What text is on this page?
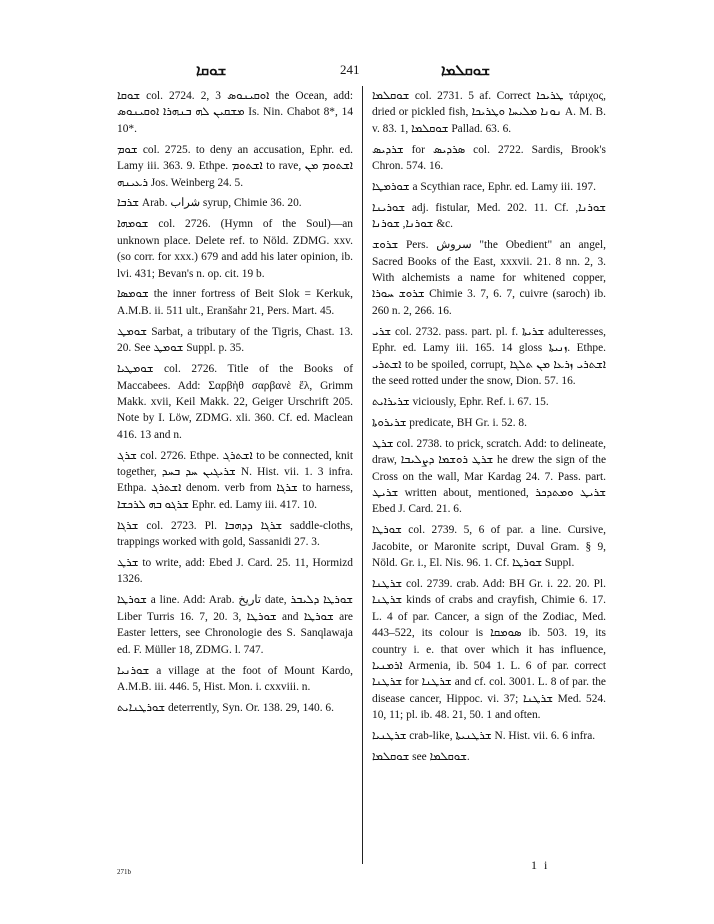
ܫܘܩܐ	241	ܫܘܩܠܡܐ

ܫܘܩܐ col. 2724. 2, 3 ܐܘܩܝܢܘܣ the Ocean, add: ܡܫܩܝܢ ܠܗ ܒܢܗܪܐ ܐܘܩܝܢܘܣ Is. Nin. Chabot 8*, 14 10*.

ܫܘܡ col. 2725. to deny an accusation, Ephr. ed. Lamy iii. 363. 9. Ethpe. ܐܫܬܘܡ to rave, ܐܫܬܘܡ ܡܢ ܪܥܝܢܗ Jos. Weinberg 24. 5.

ܫܪܒܐ Arab. شراب syrup, Chimie 36. 20.

ܫܘܡܗܐ col. 2726. (Hymn of the Soul)—an unknown place. Delete ref. to Nöld. ZDMG. xxv. (so corr. for xxx.) 679 and add his later opinion, ib. lvi. 431; Bevan's n. op. cit. 19 b.

ܫܘܡܣܐ the inner fortress of Beit Slok = Kerkuk, A.M.B. ii. 511 ult., Eranšahr 21, Pers. Mart. 45.

ܫܘܡܛ Sarbat, a tributary of the Tigris, Chast. 13. 20. See ܫܘܡܛ Suppl. p. 35.

ܫܘܡܛܝܐ col. 2726. Title of the Books of Maccabees. Add: Σαρβὴθ σαρβανὲ ἔλ, Grimm Makk. xvii, Keil Makk. 22, Geiger Urschrift 205. Note by I. Löw, ZDMG. xli. 360. Cf. ed. Maclean 416. 13 and n.

ܫܪܓ col. 2726. Ethpe. ܐܫܬܪܓ to be connected, knit together, ܫܪܝܓܝܢ ܚܕ ܒܚܕ N. Hist. vii. 1. 3 infra. Ethpa. ܐܫܬܪܓ denom. verb from ܫܪܓܐ to harness, ܫܪܓܘ ܒܗ ܠܪܟܫܐ Ephr. ed. Lamy iii. 417. 10.

ܫܪܓܐ col. 2723. Pl. ܫܪܓܐ ܕܕܗܒܐ saddle-cloths, trappings worked with gold, Sassanidi 27. 3.

ܫܪܛ to write, add: Ebed J. Card. 25. 11, Hormizd 1326.

ܫܘܪܛܐ a line. Add: Arab. تاريخ date, ܫܘܪܛܐ ܕܠܝܒܪ Liber Turris 16. 7, 20. 3, ܫܘܪܛܐ and ܫܘܪܛܐ are Easter letters, see Chronologie des S. Sanqlawaja ed. F. Müller 18, ZDMG. l. 747.

ܫܘܪܢܝܐ a village at the foot of Mount Kardo, A.M.B. iii. 446. 5, Hist. Mon. i. cxxviii. n.

ܫܘܪܛܢܐܝܬ deterrently, Syn. Or. 138. 29, 140. 6.

ܫܘܩܠܡܐ col. 2731. 5 af. Correct ܛܪܝܟܐ τάριχος, dried or pickled fish, ܢܘܢܐ ܡܠܝܚܐ ܘܛܪܝܟܐ A. M. B. v. 83. 1, ܫܘܩܠܡܐ Pallad. 63. 6.

ܫܪܕܝܣ for ܣܪܕܝܣ col. 2722. Sardis, Brook's Chron. 574. 16.

ܫܘܪܡܛܐ a Scythian race, Ephr. ed. Lamy iii. 197.

ܫܘܪܝܢܐ adj. fistular, Med. 202. 11. Cf. ܫܘܪܢܐ, ܫܘܪܢܐ, ܫܘܪܢܐ &c.

ܫܪܘܫ Pers. سروش "the Obedient" an angel, Sacred Books of the East, xxxvii. 21. 8 nn. 2, 3. With alchemists a name for whitened copper, ܫܪܘܫ ܚܘܪܐ Chimie 3. 7, 6. 7, cuivre (saroch) ib. 260 n. 2, 266. 16.

ܫܪܝ col. 2732. pass. part. pl. f. ܫܪܝܬܐ adulteresses, Ephr. ed. Lamy iii. 165. 14 gloss ܙܢܝܬܐ. Ethpe. ܐܫܬܪܝ to be spoiled, corrupt, ܐܫܬܪܝ ܙܪܥܐ ܡܢ ܬܠܓܐ the seed rotted under the snow, Dion. 57. 16.

ܫܪܝܪܐܝܬ viciously, Ephr. Ref. i. 67. 15.

ܫܪܝܪܘܬܐ predicate, BH Gr. i. 52. 8.

ܫܪܛ col. 2738. to prick, scratch. Add: to delineate, draw, ܫܪܛ ܪܘܫܡܐ ܕܨܠܝܒܐ he drew the sign of the Cross on the wall, Mar Kardag 24. 7. Pass. part. ܫܪܝܛ written about, mentioned, ܫܪܝܛ ܘܡܬܕܟܪ Ebed J. Card. 21. 6.

ܫܘܪܛܐ col. 2739. 5, 6 of par. a line. Cursive, Jacobite, or Maronite script, Duval Gram. § 9, Nöld. Gr. i., El. Nis. 96. 1. Cf. ܫܘܪܛܐ Suppl.

ܫܪܛܢܐ col. 2739. crab. Add: BH Gr. i. 22. 20. Pl. ܫܪܛܢܐ kinds of crabs and crayfish, Chimie 6. 17. L. 4 of par. Cancer, a sign of the Zodiac, Med. 443–522, its colour is ܣܘܡܩܐ ib. 503. 19, its country i. e. that over which it has influence, ܐܪܡܢܝܐ Armenia, ib. 504 1. L. 6 of par. correct ܫܪܛܢܐ for ܫܪܛܢܐ and cf. col. 3001. L. 8 of par. the disease cancer, Hippoc. vi. 37; ܫܪܛܢܐ Med. 524. 10, 11; pl. ib. 48. 21, 50. 1 and often.

ܫܪܛܢܝܐ crab-like, ܫܪܛܢܝܬܐ N. Hist. vii. 6. 6 infra.

ܫܘܩܠܡܐ see ܫܘܩܠܡܐ.

271b	1 i
